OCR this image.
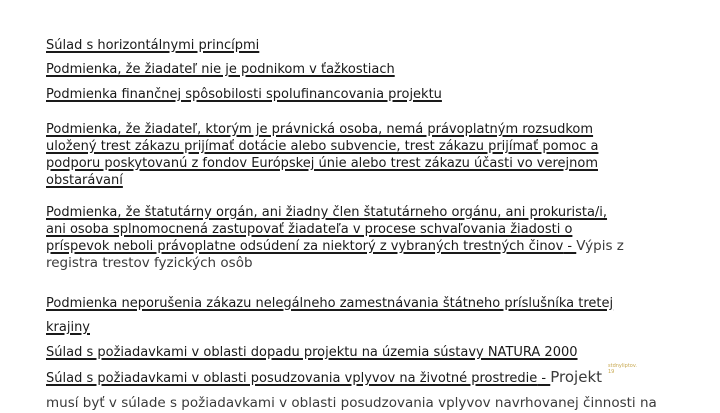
Súlad s horizontálnymi princípmi
Podmienka, že žiadateľ nie je podnikom v ťažkostiach
Podmienka finančnej spôsobilosti spolufinancovania projektu
Podmienka, že žiadateľ, ktorým je právnická osoba, nemá právoplatným rozsudkom
uložený trest zákazu prijímať dotácie alebo subvencie, trest zákazu prijímať pomoc a
podporu poskytovanú z fondov Európskej únie alebo trest zákazu účasti vo verejnom
obstarávaní
Podmienka, že štatutárny orgán, ani žiadny člen štatutárneho orgánu, ani prokurista/i,
ani osoba splnomocnená zastupovať žiadateľa v procese schvaľovania žiadosti o
príspevok neboli právoplatne odsúdení za niektorý z vybraných trestných činov - Výpis z
registra trestov fyzických osôb
Podmienka neporušenia zákazu nelegálneho zamestnávania štátneho príslušníka tretej
krajiny
Súlad s požiadavkami v oblasti dopadu projektu na územia sústavy NATURA 2000
Súlad s požiadavkami v oblasti posudzovania vplyvov na životné prostredie - Projekt
musí byť v súlade s požiadavkami v oblasti posudzovania vplyvov navrhovanej činnosti na
stdnyliptov.
19
